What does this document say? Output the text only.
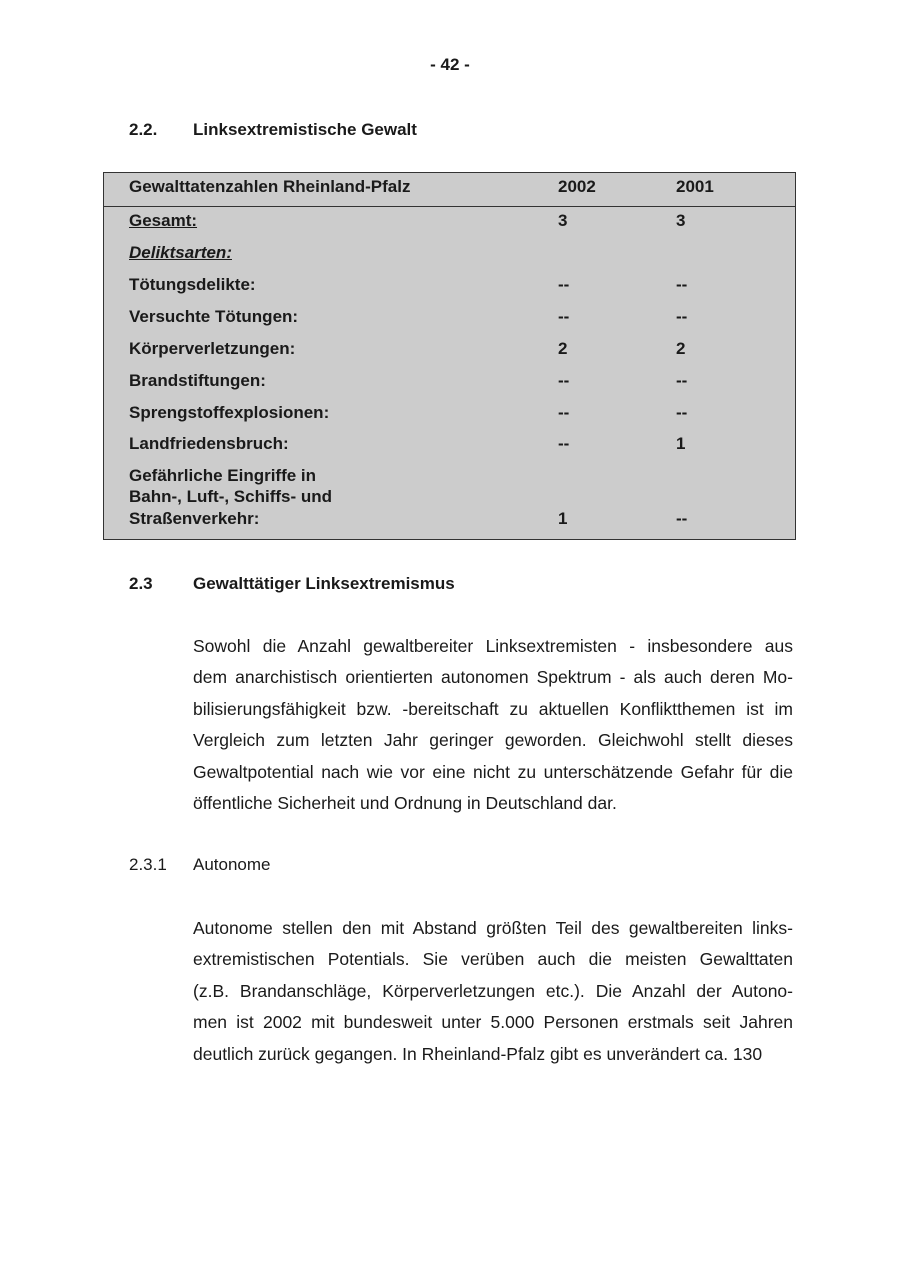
- 42 -
2.2. Linksextremistische Gewalt
Gewalttatenzahlen Rheinland-Pfalz	2002	2001
Gesamt:	3	3
Deliktsarten:
Tötungsdelikte:	--	--
Versuchte Tötungen:	--	--
Körperverletzungen:	2	2
Brandstiftungen:	--	--
Sprengstoffexplosionen:	--	--
Landfriedensbruch:	--	1
Gefährliche Eingriffe in
Bahn-, Luft-, Schiffs- und
Straßenverkehr:	1	--
2.3 Gewalttätiger Linksextremismus
Sowohl die Anzahl gewaltbereiter Linksextremisten - insbesondere aus
dem anarchistisch orientierten autonomen Spektrum - als auch deren Mo-
bilisierungsfähigkeit bzw. -bereitschaft zu aktuellen Konfliktthemen ist im
Vergleich zum letzten Jahr geringer geworden. Gleichwohl stellt dieses
Gewaltpotential nach wie vor eine nicht zu unterschätzende Gefahr für die
öffentliche Sicherheit und Ordnung in Deutschland dar.
2.3.1 Autonome
Autonome stellen den mit Abstand größten Teil des gewaltbereiten links-
extremistischen Potentials. Sie verüben auch die meisten Gewalttaten
(z.B. Brandanschläge, Körperverletzungen etc.). Die Anzahl der Autono-
men ist 2002 mit bundesweit unter 5.000 Personen erstmals seit Jahren
deutlich zurück gegangen. In Rheinland-Pfalz gibt es unverändert ca. 130
